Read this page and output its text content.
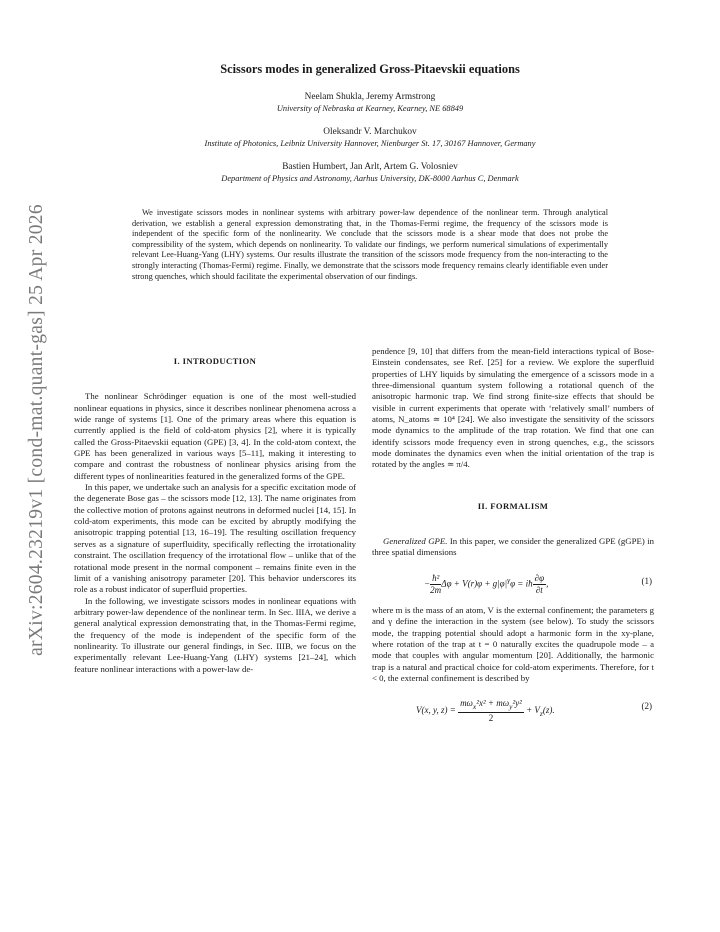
arXiv:2604.23219v1 [cond-mat.quant-gas] 25 Apr 2026
Scissors modes in generalized Gross-Pitaevskii equations
Neelam Shukla, Jeremy Armstrong
University of Nebraska at Kearney, Kearney, NE 68849
Oleksandr V. Marchukov
Institute of Photonics, Leibniz University Hannover, Nienburger St. 17, 30167 Hannover, Germany
Bastien Humbert, Jan Arlt, Artem G. Volosniev
Department of Physics and Astronomy, Aarhus University, DK-8000 Aarhus C, Denmark
We investigate scissors modes in nonlinear systems with arbitrary power-law dependence of the nonlinear term. Through analytical derivation, we establish a general expression demonstrating that, in the Thomas-Fermi regime, the frequency of the scissors mode is independent of the specific form of the nonlinearity. We conclude that the scissors mode is a shear mode that does not probe the compressibility of the system, which depends on nonlinearity. To validate our findings, we perform numerical simulations of experimentally relevant Lee-Huang-Yang (LHY) systems. Our results illustrate the transition of the scissors mode frequency from the non-interacting to the strongly interacting (Thomas-Fermi) regime. Finally, we demonstrate that the scissors mode frequency remains clearly identifiable even under strong quenches, which should facilitate the experimental observation of our findings.
I. INTRODUCTION

The nonlinear Schrödinger equation is one of the most well-studied nonlinear equations in physics, since it describes nonlinear phenomena across a wide range of systems [1]. One of the primary areas where this equation is currently applied is the field of cold-atom physics [2], where it is typically called the Gross-Pitaevskii equation (GPE) [3, 4]. In the cold-atom context, the GPE has been generalized in various ways [5–11], making it interesting to compare and contrast the robustness of nonlinear physics arising from the different types of nonlinearities featured in the generalized forms of the GPE.

In this paper, we undertake such an analysis for a specific excitation mode of the degenerate Bose gas – the scissors mode [12, 13]. The name originates from the collective motion of protons against neutrons in deformed nuclei [14, 15]. In cold-atom experiments, this mode can be excited by abruptly modifying the anisotropic trapping potential [13, 16–19]. The resulting oscillation frequency serves as a signature of superfluidity, specifically reflecting the irrotationality constraint. The oscillation frequency of the irrotational flow – unlike that of the rotational mode present in the normal component – remains finite even in the limit of a vanishing anisotropy parameter [20]. This behavior underscores its role as a robust indicator of superfluid properties.

In the following, we investigate scissors modes in nonlinear equations with arbitrary power-law dependence of the nonlinear term. In Sec. IIIA, we derive a general analytical expression demonstrating that, in the Thomas-Fermi regime, the frequency of the mode is independent of the specific form of the nonlinearity. To illustrate our general findings, in Sec. IIIB, we focus on the experimentally relevant Lee-Huang-Yang (LHY) systems [21–24], which feature nonlinear interactions with a power-law de-

pendence [9, 10] that differs from the mean-field interactions typical of Bose-Einstein condensates, see Ref. [25] for a review. We explore the superfluid properties of LHY liquids by simulating the emergence of a scissors mode in a three-dimensional quantum system following a rotational quench of the anisotropic harmonic trap. We find strong finite-size effects that should be visible in current experiments that operate with ‘relatively small’ numbers of atoms, N_atoms ≃ 10⁴ [24]. We also investigate the sensitivity of the scissors mode dynamics to the amplitude of the trap rotation. We find that one can identify scissors mode frequency even in strong quenches, e.g., the scissors mode dominates the dynamics even when the initial orientation of the trap is rotated by the angles ≃ π/4.

II. FORMALISM

Generalized GPE. In this paper, we consider the generalized GPE (gGPE) in three spatial dimensions

− $\frac{\text{ħ²}}{2m}$ $\Delta\varphi + V(r)\varphi + g|\varphi|^\gamma\varphi$ = iħ $\frac{\partial\varphi}{\partial t}$ ,	(1)

where m is the mass of an atom, V is the external confinement; the parameters g and γ define the interaction in the system (see below). To study the scissors mode, the trapping potential should adopt a harmonic form in the xy-plane, where rotation of the trap at t = 0 naturally excites the quadrupole mode – a mode that couples with angular momentum [20]. Additionally, the harmonic trap is a natural and practical choice for cold-atom experiments. Therefore, for t < 0, the external confinement is described by

V(x, y, $z) = \frac{m\omega_x^2x^2 + m\omega_y^2y^2}{2} + V_z(z)$.	(2)
